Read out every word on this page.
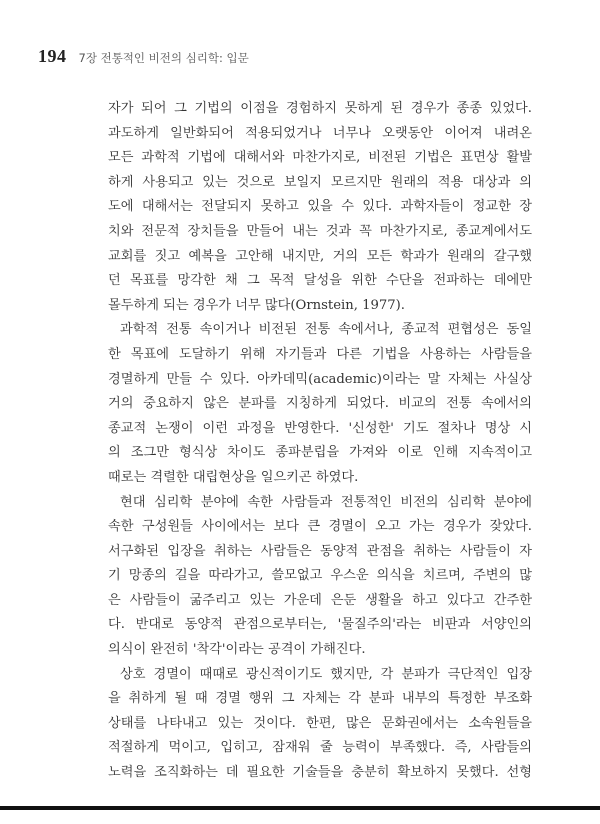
194 7장 전통적인 비전의 심리학: 입문
자가 되어 그 기법의 이점을 경험하지 못하게 된 경우가 종종 있었다.
과도하게 일반화되어 적용되었거나 너무나 오랫동안 이어져 내려온
모든 과학적 기법에 대해서와 마찬가지로, 비전된 기법은 표면상 활발
하게 사용되고 있는 것으로 보일지 모르지만 원래의 적용 대상과 의
도에 대해서는 전달되지 못하고 있을 수 있다. 과학자들이 정교한 장
치와 전문적 장치들을 만들어 내는 것과 꼭 마찬가지로, 종교계에서도
교회를 짓고 예복을 고안해 내지만, 거의 모든 학과가 원래의 갈구했
던 목표를 망각한 채 그 목적 달성을 위한 수단을 전파하는 데에만
몰두하게 되는 경우가 너무 많다(Ornstein, 1977).
과학적 전통 속이거나 비전된 전통 속에서나, 종교적 편협성은 동일
한 목표에 도달하기 위해 자기들과 다른 기법을 사용하는 사람들을
경멸하게 만들 수 있다. 아카데믹(academic)이라는 말 자체는 사실상
거의 중요하지 않은 분파를 지칭하게 되었다. 비교의 전통 속에서의
종교적 논쟁이 이런 과정을 반영한다. '신성한' 기도 절차나 명상 시
의 조그만 형식상 차이도 종파분립을 가져와 이로 인해 지속적이고
때로는 격렬한 대립현상을 일으키곤 하였다.
현대 심리학 분야에 속한 사람들과 전통적인 비전의 심리학 분야에
속한 구성원들 사이에서는 보다 큰 경멸이 오고 가는 경우가 잦았다.
서구화된 입장을 취하는 사람들은 동양적 관점을 취하는 사람들이 자
기 망종의 길을 따라가고, 쓸모없고 우스운 의식을 치르며, 주변의 많
은 사람들이 굶주리고 있는 가운데 은둔 생활을 하고 있다고 간주한
다. 반대로 동양적 관점으로부터는, '물질주의'라는 비판과 서양인의
의식이 완전히 '착각'이라는 공격이 가해진다.
상호 경멸이 때때로 광신적이기도 했지만, 각 분파가 극단적인 입장
을 취하게 될 때 경멸 행위 그 자체는 각 분파 내부의 특정한 부조화
상태를 나타내고 있는 것이다. 한편, 많은 문화권에서는 소속원들을
적절하게 먹이고, 입히고, 잠재워 줄 능력이 부족했다. 즉, 사람들의
노력을 조직화하는 데 필요한 기술들을 충분히 확보하지 못했다. 선형
